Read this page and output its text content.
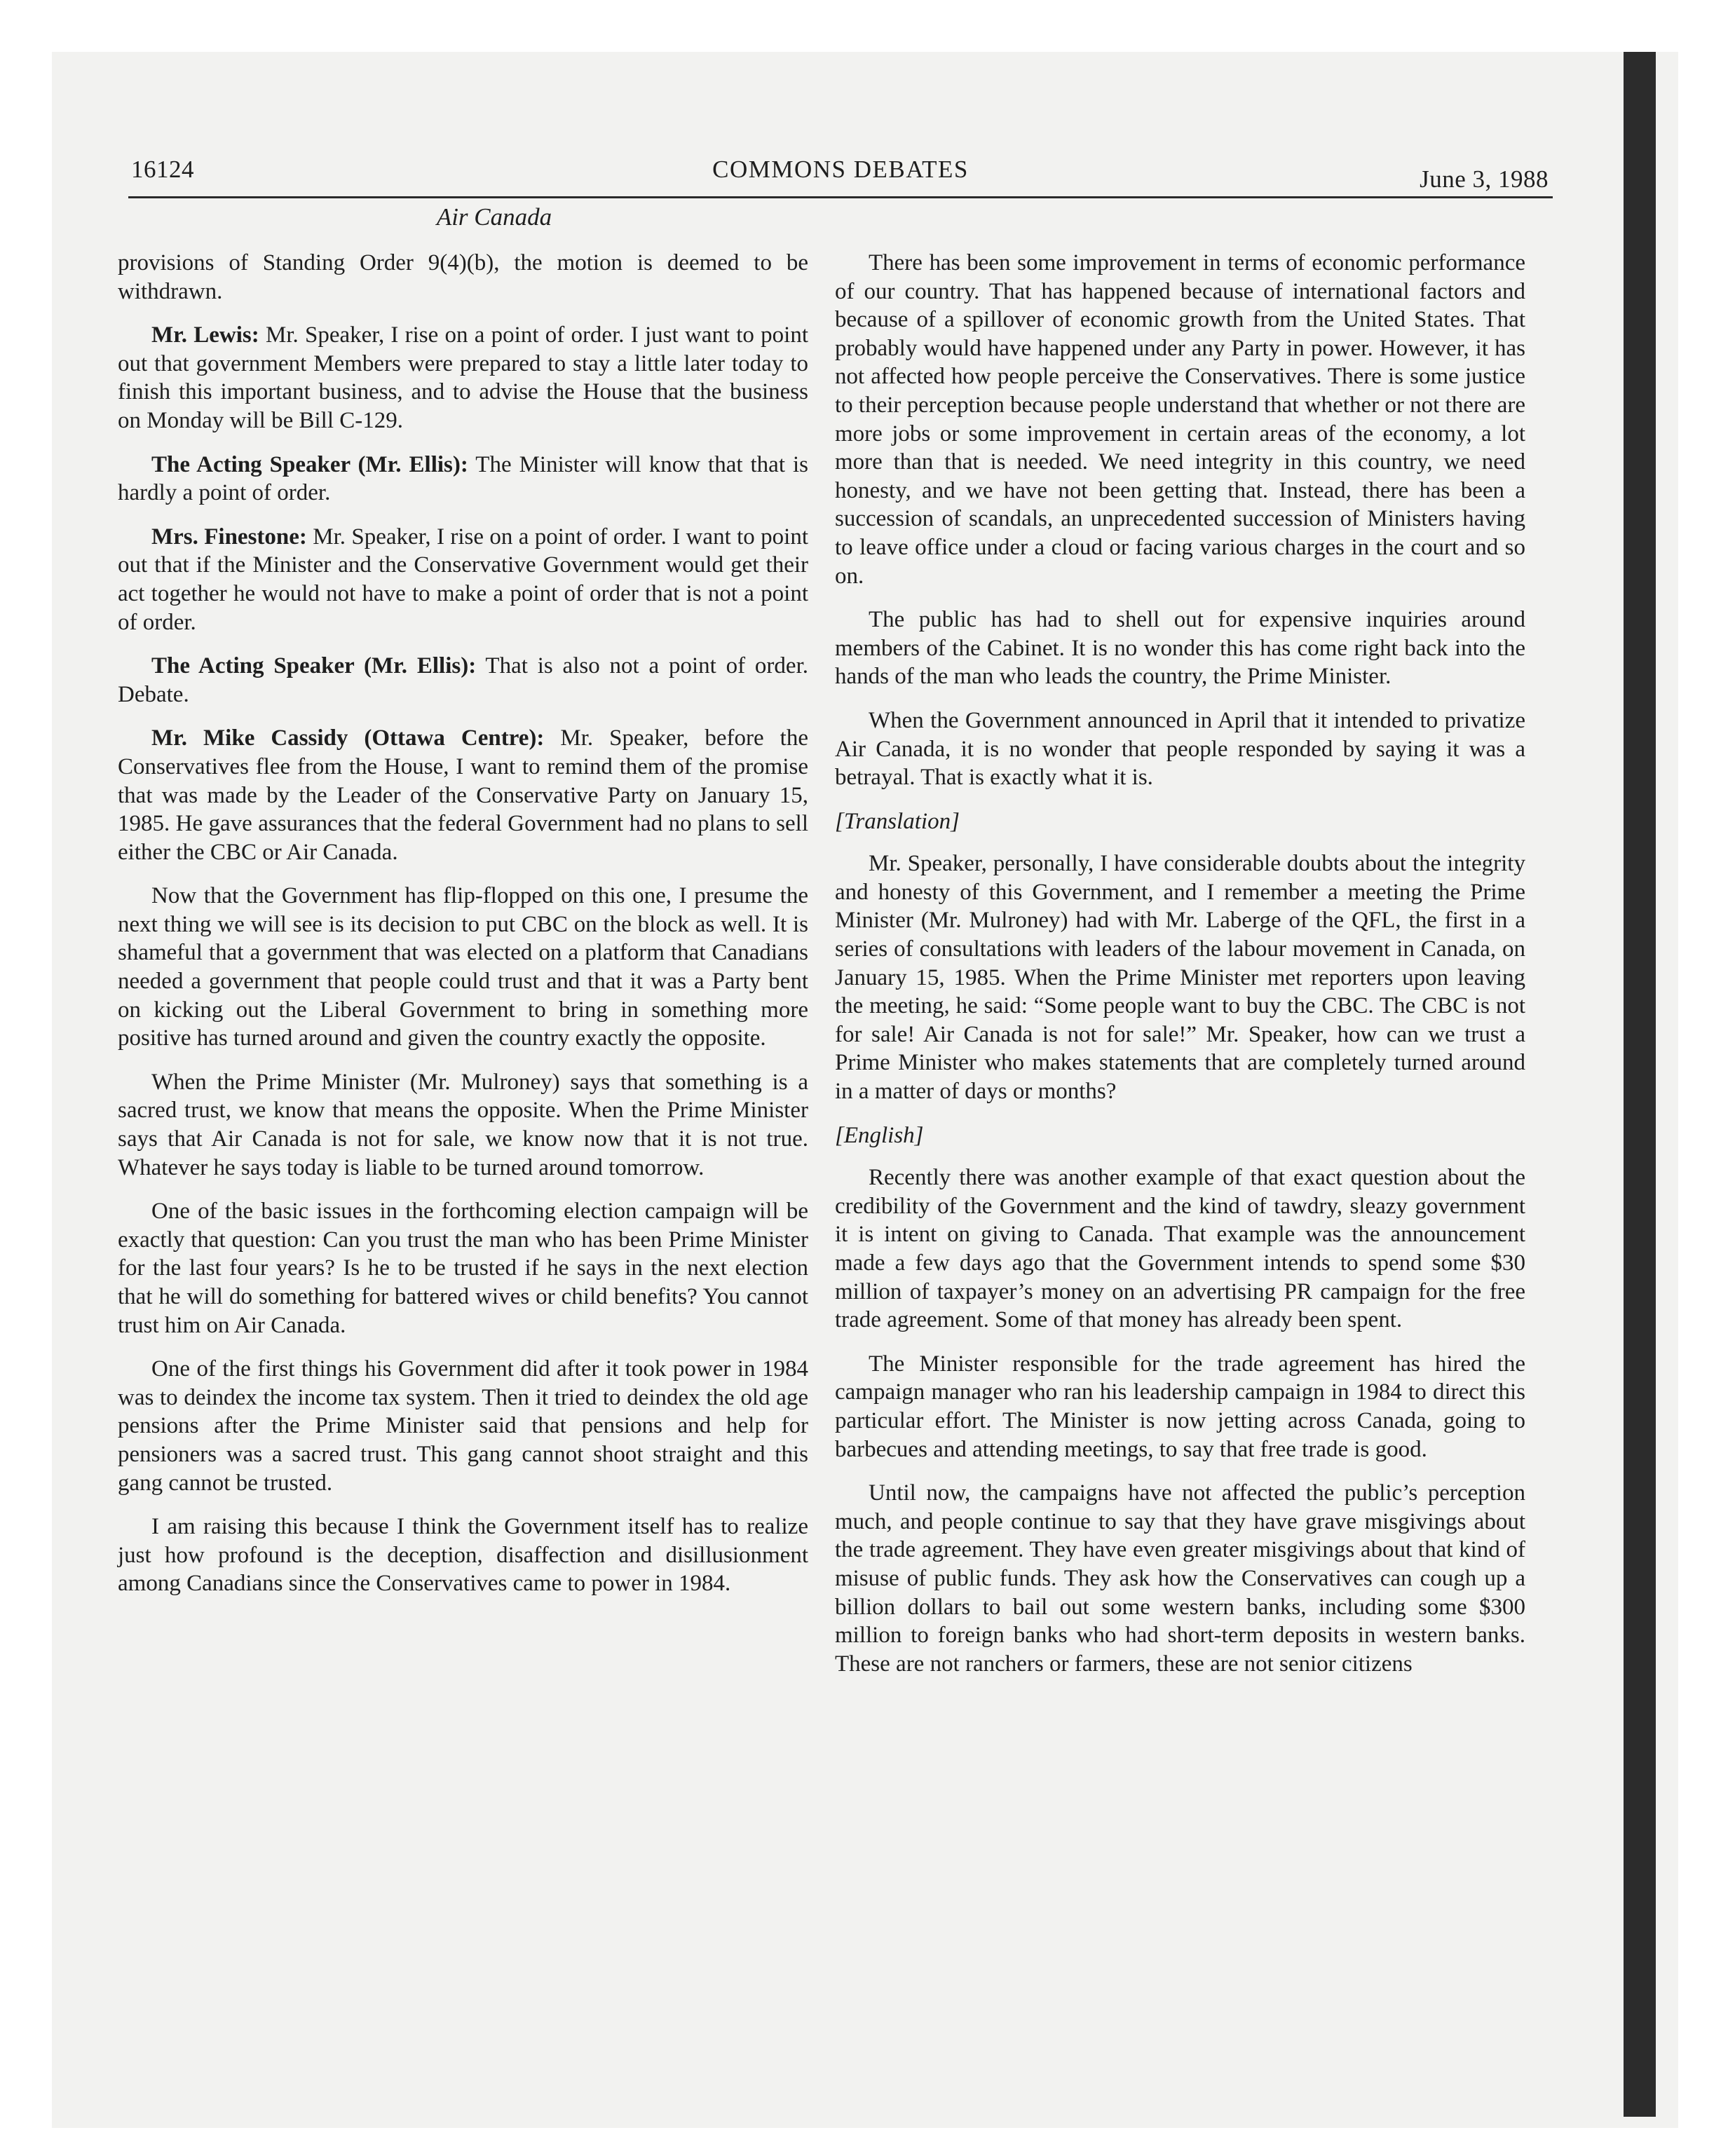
16124	COMMONS DEBATES	June 3, 1988
Air Canada

provisions of Standing Order 9(4)(b), the motion is deemed to be withdrawn.

Mr. Lewis: Mr. Speaker, I rise on a point of order. I just want to point out that government Members were prepared to stay a little later today to finish this important business, and to advise the House that the business on Monday will be Bill C-129.

The Acting Speaker (Mr. Ellis): The Minister will know that that is hardly a point of order.

Mrs. Finestone: Mr. Speaker, I rise on a point of order. I want to point out that if the Minister and the Conservative Government would get their act together he would not have to make a point of order that is not a point of order.

The Acting Speaker (Mr. Ellis): That is also not a point of order. Debate.

Mr. Mike Cassidy (Ottawa Centre): Mr. Speaker, before the Conservatives flee from the House, I want to remind them of the promise that was made by the Leader of the Conservative Party on January 15, 1985. He gave assurances that the federal Government had no plans to sell either the CBC or Air Canada.

Now that the Government has flip-flopped on this one, I presume the next thing we will see is its decision to put CBC on the block as well. It is shameful that a government that was elected on a platform that Canadians needed a government that people could trust and that it was a Party bent on kicking out the Liberal Government to bring in something more positive has turned around and given the country exactly the opposite.

When the Prime Minister (Mr. Mulroney) says that something is a sacred trust, we know that means the opposite. When the Prime Minister says that Air Canada is not for sale, we know now that it is not true. Whatever he says today is liable to be turned around tomorrow.

One of the basic issues in the forthcoming election campaign will be exactly that question: Can you trust the man who has been Prime Minister for the last four years? Is he to be trusted if he says in the next election that he will do something for battered wives or child benefits? You cannot trust him on Air Canada.

One of the first things his Government did after it took power in 1984 was to deindex the income tax system. Then it tried to deindex the old age pensions after the Prime Minister said that pensions and help for pensioners was a sacred trust. This gang cannot shoot straight and this gang cannot be trusted.

I am raising this because I think the Government itself has to realize just how profound is the deception, disaffection and disillusionment among Canadians since the Conservatives came to power in 1984.

There has been some improvement in terms of economic performance of our country. That has happened because of international factors and because of a spillover of economic growth from the United States. That probably would have happened under any Party in power. However, it has not affected how people perceive the Conservatives. There is some justice to their perception because people understand that whether or not there are more jobs or some improvement in certain areas of the economy, a lot more than that is needed. We need integrity in this country, we need honesty, and we have not been getting that. Instead, there has been a succession of scandals, an unprecedented succession of Ministers having to leave office under a cloud or facing various charges in the court and so on.

The public has had to shell out for expensive inquiries around members of the Cabinet. It is no wonder this has come right back into the hands of the man who leads the country, the Prime Minister.

When the Government announced in April that it intended to privatize Air Canada, it is no wonder that people responded by saying it was a betrayal. That is exactly what it is.

[Translation]

Mr. Speaker, personally, I have considerable doubts about the integrity and honesty of this Government, and I remember a meeting the Prime Minister (Mr. Mulroney) had with Mr. Laberge of the QFL, the first in a series of consultations with leaders of the labour movement in Canada, on January 15, 1985. When the Prime Minister met reporters upon leaving the meeting, he said: “Some people want to buy the CBC. The CBC is not for sale! Air Canada is not for sale!” Mr. Speaker, how can we trust a Prime Minister who makes statements that are completely turned around in a matter of days or months?

[English]

Recently there was another example of that exact question about the credibility of the Government and the kind of tawdry, sleazy government it is intent on giving to Canada. That example was the announcement made a few days ago that the Government intends to spend some $30 million of taxpayer’s money on an advertising PR campaign for the free trade agreement. Some of that money has already been spent.

The Minister responsible for the trade agreement has hired the campaign manager who ran his leadership campaign in 1984 to direct this particular effort. The Minister is now jetting across Canada, going to barbecues and attending meetings, to say that free trade is good.

Until now, the campaigns have not affected the public’s perception much, and people continue to say that they have grave misgivings about the trade agreement. They have even greater misgivings about that kind of misuse of public funds. They ask how the Conservatives can cough up a billion dollars to bail out some western banks, including some $300 million to foreign banks who had short-term deposits in western banks. These are not ranchers or farmers, these are not senior citizens
